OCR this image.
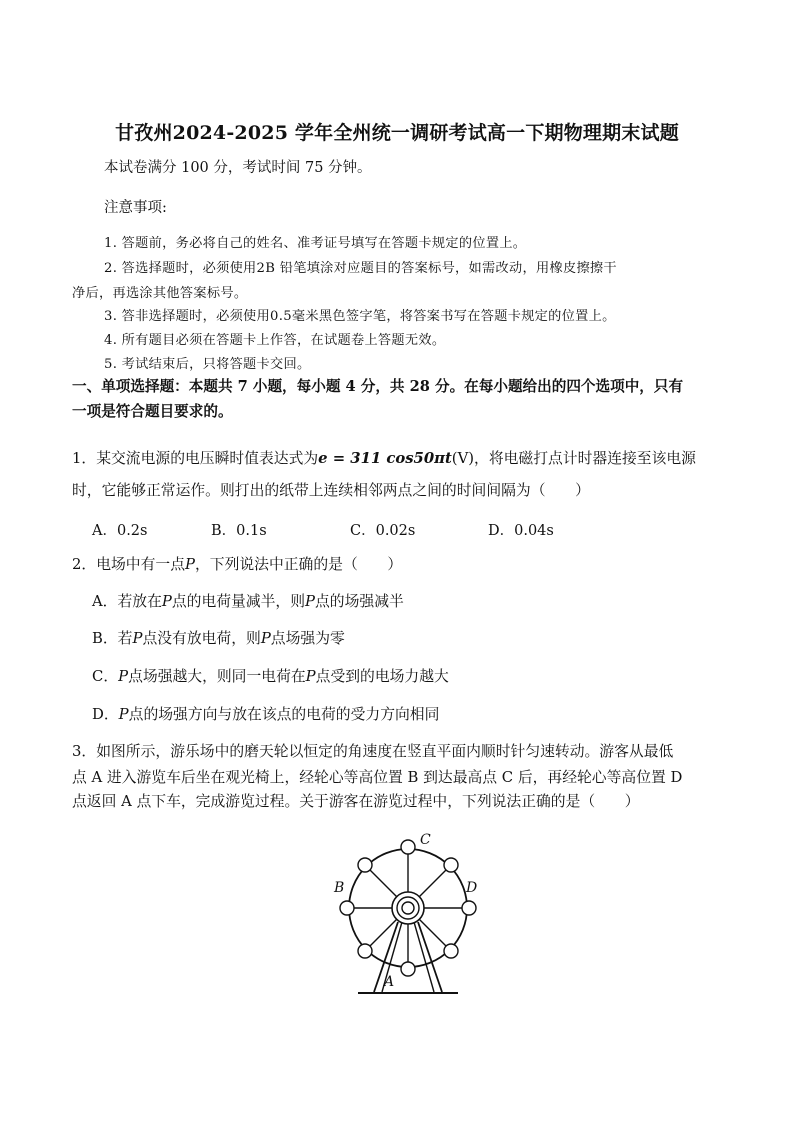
甘孜州2024-2025 学年全州统一调研考试高一下期物理期末试题
本试卷满分 100 分，考试时间 75 分钟。
注意事项:
1. 答题前，务必将自己的姓名、准考证号填写在答题卡规定的位置上。
2. 答选择题时，必须使用2B 铅笔填涂对应题目的答案标号，如需改动，用橡皮擦擦干
净后，再选涂其他答案标号。
3. 答非选择题时，必须使用0.5毫米黑色签字笔，将答案书写在答题卡规定的位置上。
4. 所有题目必须在答题卡上作答，在试题卷上答题无效。
5. 考试结束后，只将答题卡交回。
一、单项选择题：本题共 7 小题，每小题 4 分，共 28 分。在每小题给出的四个选项中，只有
一项是符合题目要求的。
1．某交流电源的电压瞬时值表达式为e = 311 cos50πt(V)，将电磁打点计时器连接至该电源
时，它能够正常运作。则打出的纸带上连续相邻两点之间的时间间隔为（　　）
A．0.2s	B．0.1s	C．0.02s	D．0.04s
2．电场中有一点P，下列说法中正确的是（　　）
A．若放在P点的电荷量减半，则P点的场强减半
B．若P点没有放电荷，则P点场强为零
C．P点场强越大，则同一电荷在P点受到的电场力越大
D．P点的场强方向与放在该点的电荷的受力方向相同
3．如图所示，游乐场中的磨天轮以恒定的角速度在竖直平面内顺时针匀速转动。游客从最低
点 A 进入游览车后坐在观光椅上，经轮心等高位置 B 到达最高点 C 后，再经轮心等高位置 D
点返回 A 点下车，完成游览过程。关于游客在游览过程中，下列说法正确的是（　　）
C
B	D
A
